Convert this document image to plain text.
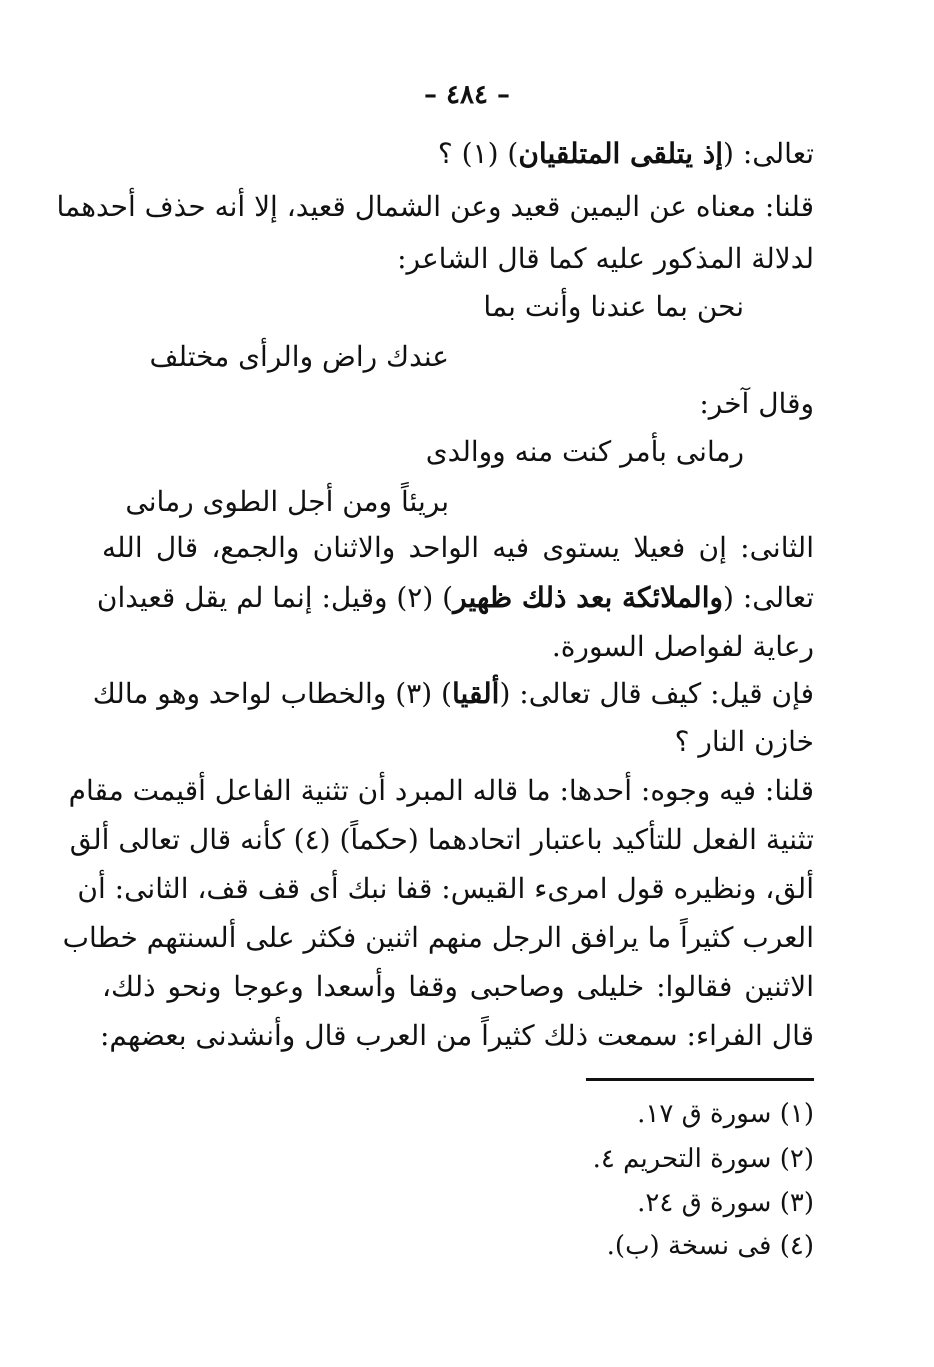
– ٤٨٤ –

تعالى: (إذ يتلقى المتلقيان) (١) ؟

قلنا: معناه عن اليمين قعيد وعن الشمال قعيد، إلا أنه حذف أحدهما

لدلالة المذكور عليه كما قال الشاعر:

نحن بما عندنا وأنت بما

عندك راض والرأى مختلف

وقال آخر:

رمانى بأمر كنت منه ووالدى

بريئاً ومن أجل الطوى رمانى

الثانى: إن فعيلا يستوى فيه الواحد والاثنان والجمع، قال الله

تعالى: (والملائكة بعد ذلك ظهير) (٢) وقيل: إنما لم يقل قعيدان

رعاية لفواصل السورة.

فإن قيل: كيف قال تعالى: (ألقيا) (٣) والخطاب لواحد وهو مالك

خازن النار ؟

قلنا: فيه وجوه: أحدها: ما قاله المبرد أن تثنية الفاعل أقيمت مقام

تثنية الفعل للتأكيد باعتبار اتحادهما (حكماً) (٤) كأنه قال تعالى ألق

ألق، ونظيره قول امرىء القيس: قفا نبك أى قف قف، الثانى: أن

العرب كثيراً ما يرافق الرجل منهم اثنين فكثر على ألسنتهم خطاب

الاثنين فقالوا: خليلى وصاحبى وقفا وأسعدا وعوجا ونحو ذلك،

قال الفراء: سمعت ذلك كثيراً من العرب قال وأنشدنى بعضهم:

(١) سورة ق ١٧.

(٢) سورة التحريم ٤.

(٣) سورة ق ٢٤.

(٤) فى نسخة (ب).
